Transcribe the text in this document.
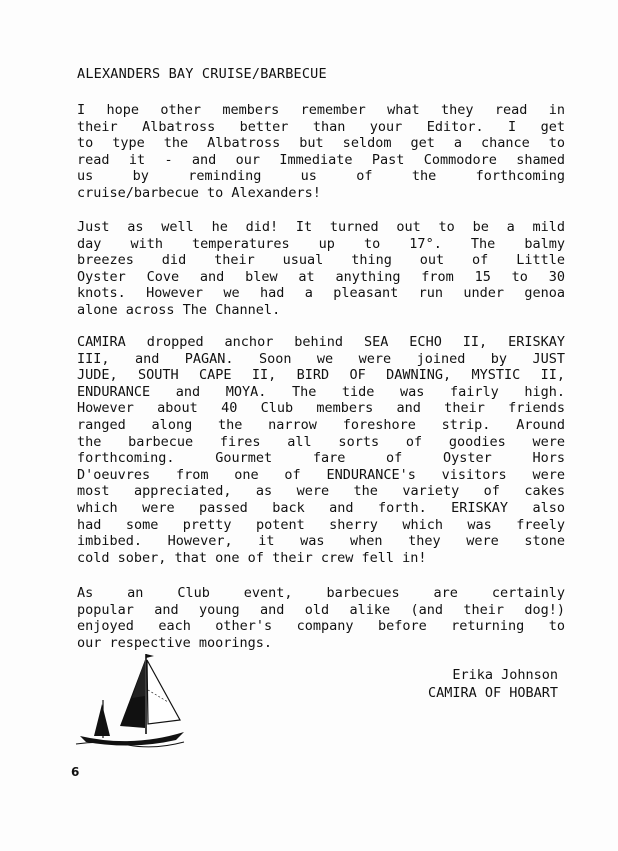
ALEXANDERS BAY CRUISE/BARBECUE
I hope other members remember what they read in
their Albatross better than your Editor. I get
to type the Albatross but seldom get a chance to
read it - and our Immediate Past Commodore shamed
us by reminding us of the forthcoming
cruise/barbecue to Alexanders!
Just as well he did! It turned out to be a mild
day with temperatures up to 17°. The balmy
breezes did their usual thing out of Little
Oyster Cove and blew at anything from 15 to 30
knots. However we had a pleasant run under genoa
alone across The Channel.
CAMIRA dropped anchor behind SEA ECHO II, ERISKAY
III, and PAGAN. Soon we were joined by JUST
JUDE, SOUTH CAPE II, BIRD OF DAWNING, MYSTIC II,
ENDURANCE and MOYA. The tide was fairly high.
However about 40 Club members and their friends
ranged along the narrow foreshore strip. Around
the barbecue fires all sorts of goodies were
forthcoming. Gourmet fare of Oyster Hors
D'oeuvres from one of ENDURANCE's visitors were
most appreciated, as were the variety of cakes
which were passed back and forth. ERISKAY also
had some pretty potent sherry which was freely
imbibed. However, it was when they were stone
cold sober, that one of their crew fell in!
As an Club event, barbecues are certainly
popular and young and old alike (and their dog!)
enjoyed each other's company before returning to
our respective moorings.
Erika Johnson
CAMIRA OF HOBART
6
